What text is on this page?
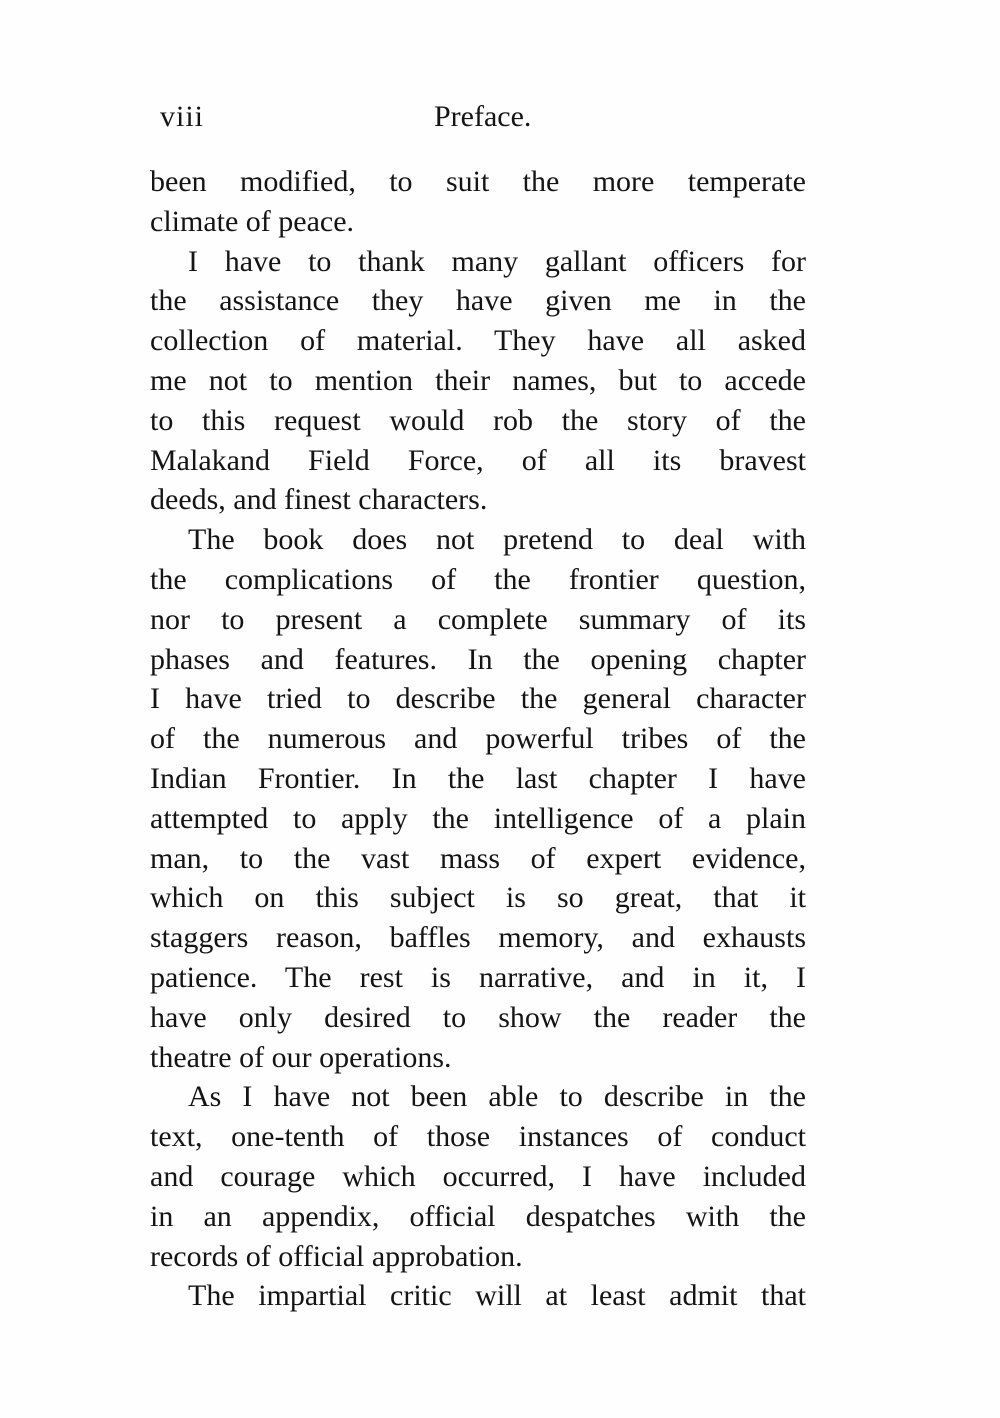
viii	Preface.
been modified, to suit the more temperate
climate of peace.
I have to thank many gallant officers for
the assistance they have given me in the
collection of material. They have all asked
me not to mention their names, but to accede
to this request would rob the story of the
Malakand Field Force, of all its bravest
deeds, and finest characters.
The book does not pretend to deal with
the complications of the frontier question,
nor to present a complete summary of its
phases and features. In the opening chapter
I have tried to describe the general character
of the numerous and powerful tribes of the
Indian Frontier. In the last chapter I have
attempted to apply the intelligence of a plain
man, to the vast mass of expert evidence,
which on this subject is so great, that it
staggers reason, baffles memory, and exhausts
patience. The rest is narrative, and in it, I
have only desired to show the reader the
theatre of our operations.
As I have not been able to describe in the
text, one-tenth of those instances of conduct
and courage which occurred, I have included
in an appendix, official despatches with the
records of official approbation.
The impartial critic will at least admit that
